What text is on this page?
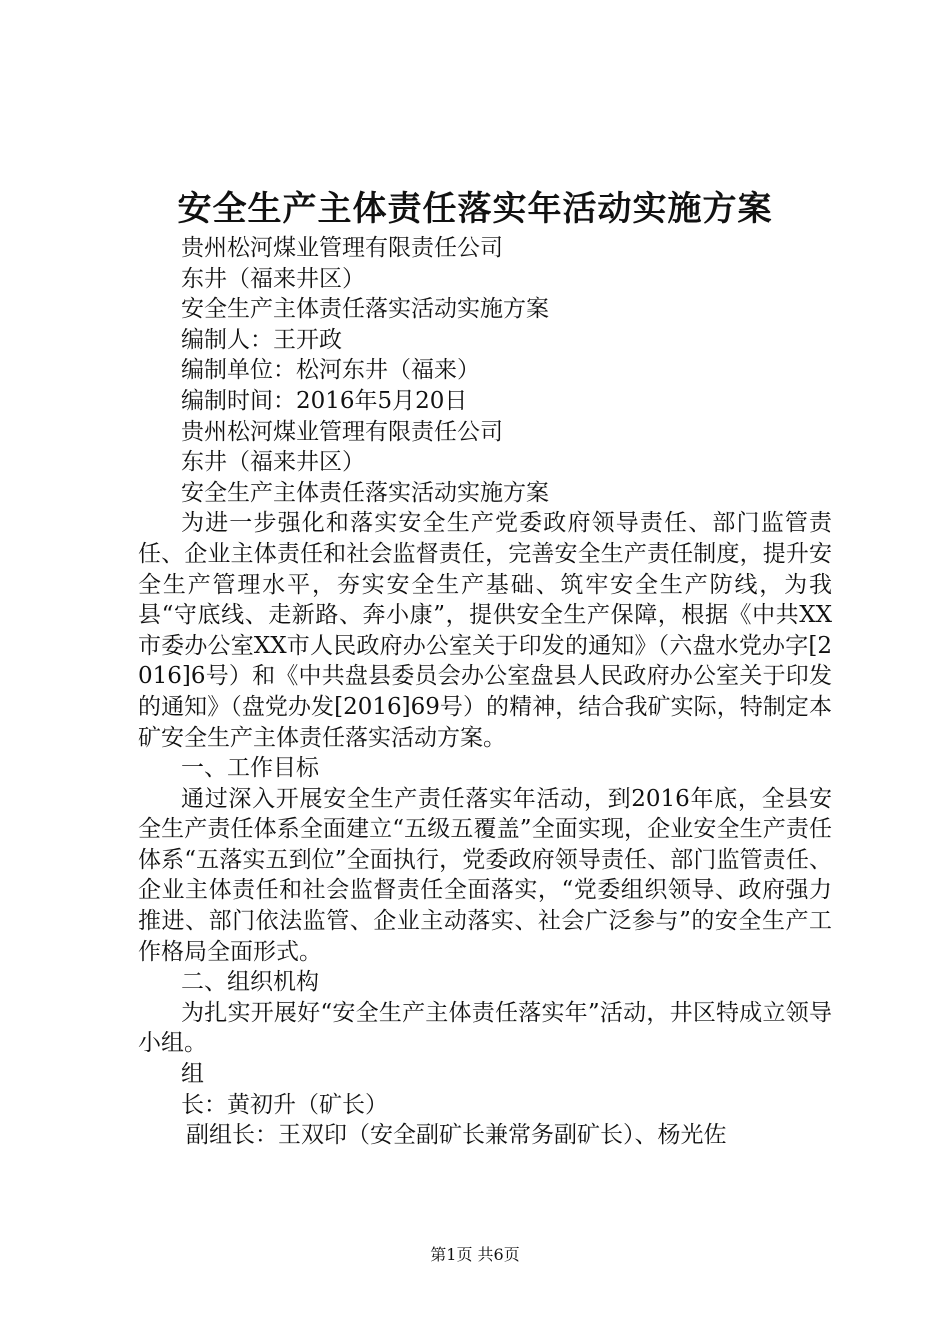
安全生产主体责任落实年活动实施方案
贵州松河煤业管理有限责任公司
东井（福来井区）
安全生产主体责任落实活动实施方案
编制人：王开政
编制单位：松河东井（福来）
编制时间：2016年5月20日
贵州松河煤业管理有限责任公司
东井（福来井区）
安全生产主体责任落实活动实施方案
为进一步强化和落实安全生产党委政府领导责任、部门监管责任、企业主体责任和社会监督责任，完善安全生产责任制度，提升安全生产管理水平，夯实安全生产基础、筑牢安全生产防线，为我县“守底线、走新路、奔小康”，提供安全生产保障，根据《中共XX市委办公室XX市人民政府办公室关于印发的通知》（六盘水党办字[2016]6号）和《中共盘县委员会办公室盘县人民政府办公室关于印发的通知》（盘党办发[2016]69号）的精神，结合我矿实际，特制定本矿安全生产主体责任落实活动方案。
一、工作目标
通过深入开展安全生产责任落实年活动，到2016年底，全县安全生产责任体系全面建立“五级五覆盖”全面实现，企业安全生产责任体系“五落实五到位”全面执行，党委政府领导责任、部门监管责任、企业主体责任和社会监督责任全面落实，“党委组织领导、政府强力推进、部门依法监管、企业主动落实、社会广泛参与”的安全生产工作格局全面形式。
二、组织机构
为扎实开展好“安全生产主体责任落实年”活动，井区特成立领导小组。
组
长：黄初升（矿长）
副组长：王双印（安全副矿长兼常务副矿长）、杨光佐
第1页 共6页
